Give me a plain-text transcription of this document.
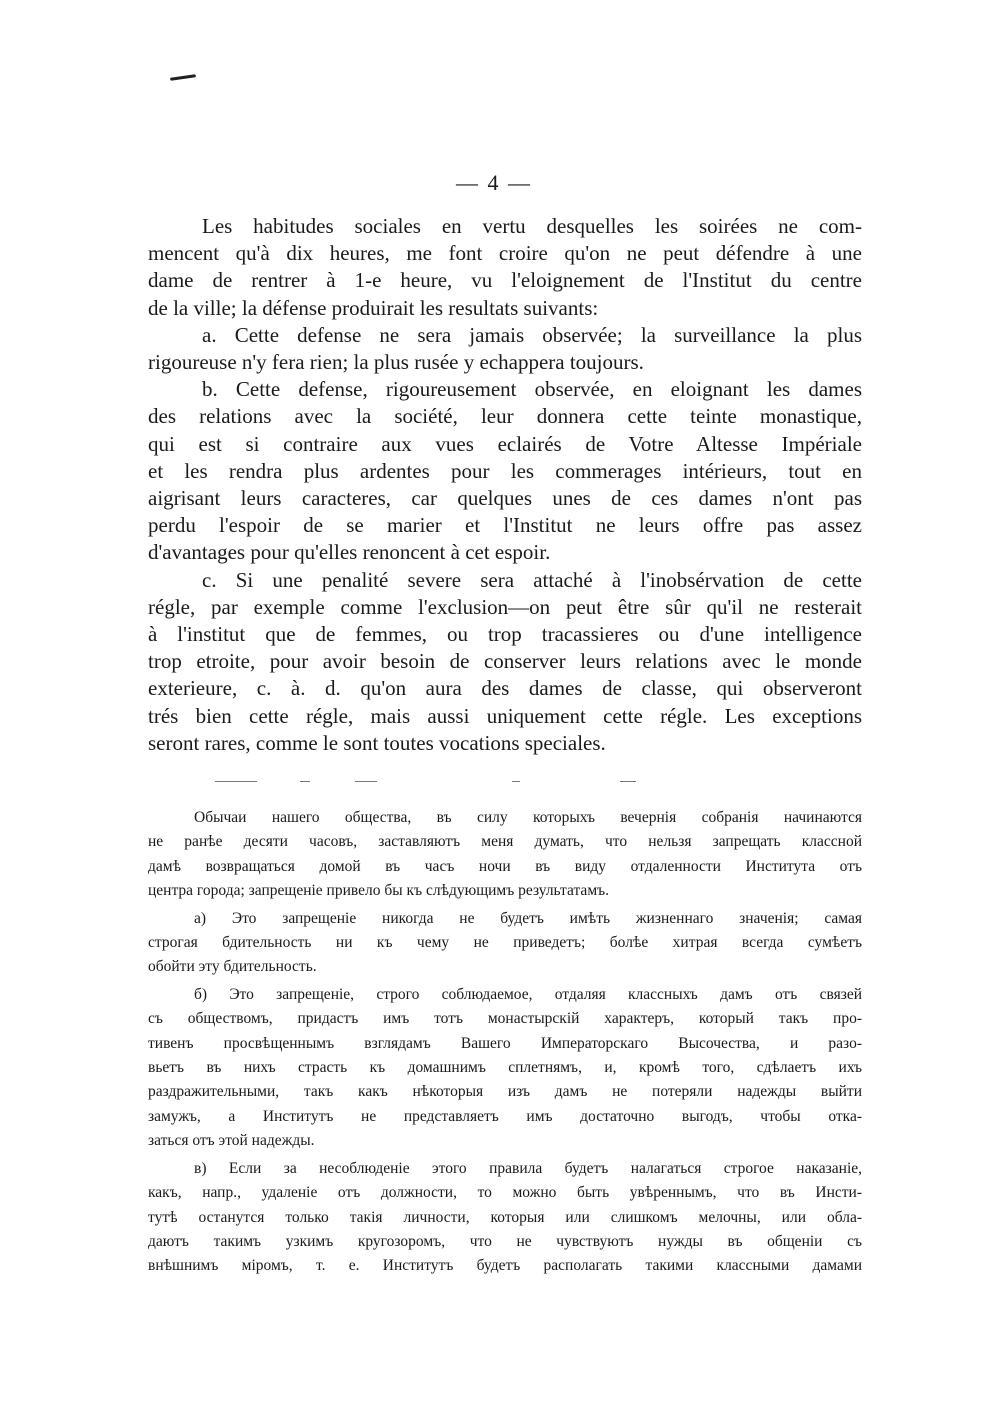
— 4 —
Les habitudes sociales en vertu desquelles les soirées ne com-
mencent qu'à dix heures, me font croire qu'on ne peut défendre à une
dame de rentrer à 1-e heure, vu l'eloignement de l'Institut du centre
de la ville; la défense produirait les resultats suivants:
a. Cette defense ne sera jamais observée; la surveillance la plus
rigoureuse n'y fera rien; la plus rusée y echappera toujours.
b. Cette defense, rigoureusement observée, en eloignant les dames
des relations avec la société, leur donnera cette teinte monastique,
qui est si contraire aux vues eclairés de Votre Altesse Impériale
et les rendra plus ardentes pour les commerages intérieurs, tout en
aigrisant leurs caracteres, car quelques unes de ces dames n'ont pas
perdu l'espoir de se marier et l'Institut ne leurs offre pas assez
d'avantages pour qu'elles renoncent à cet espoir.
c. Si une penalité severe sera attaché à l'inobsérvation de cette
régle, par exemple comme l'exclusion—on peut être sûr qu'il ne resterait
à l'institut que de femmes, ou trop tracassieres ou d'une intelligence
trop etroite, pour avoir besoin de conserver leurs relations avec le monde
exterieure, c. à. d. qu'on aura des dames de classe, qui observeront
trés bien cette régle, mais aussi uniquement cette régle. Les exceptions
seront rares, comme le sont toutes vocations speciales.
Обычаи нашего общества, въ силу которыхъ вечернія собранія начинаются
не ранѣе десяти часовъ, заставляютъ меня думать, что нельзя запрещать классной
дамѣ возвращаться домой въ часъ ночи въ виду отдаленности Института отъ
центра города; запрещеніе привело бы къ слѣдующимъ результатамъ.
а) Это запрещеніе никогда не будетъ имѣть жизненнаго значенія; самая
строгая бдительность ни къ чему не приведетъ; болѣе хитрая всегда сумѣетъ
обойти эту бдительность.
б) Это запрещеніе, строго соблюдаемое, отдаляя классныхъ дамъ отъ связей
съ обществомъ, придастъ имъ тотъ монастырскій характеръ, который такъ про-
тивенъ просвѣщеннымъ взглядамъ Вашего Императорскаго Высочества, и разо-
вьетъ въ нихъ страсть къ домашнимъ сплетнямъ, и, кромѣ того, сдѣлаетъ ихъ
раздражительными, такъ какъ нѣкоторыя изъ дамъ не потеряли надежды выйти
замужъ, а Институтъ не представляетъ имъ достаточно выгодъ, чтобы отка-
заться отъ этой надежды.
в) Если за несоблюденіе этого правила будетъ налагаться строгое наказаніе,
какъ, напр., удаленіе отъ должности, то можно быть увѣреннымъ, что въ Инсти-
тутѣ останутся только такія личности, которыя или слишкомъ мелочны, или обла-
даютъ такимъ узкимъ кругозоромъ, что не чувствуютъ нужды въ общеніи съ
внѣшнимъ міромъ, т. е. Институтъ будетъ располагать такими классными дамами
